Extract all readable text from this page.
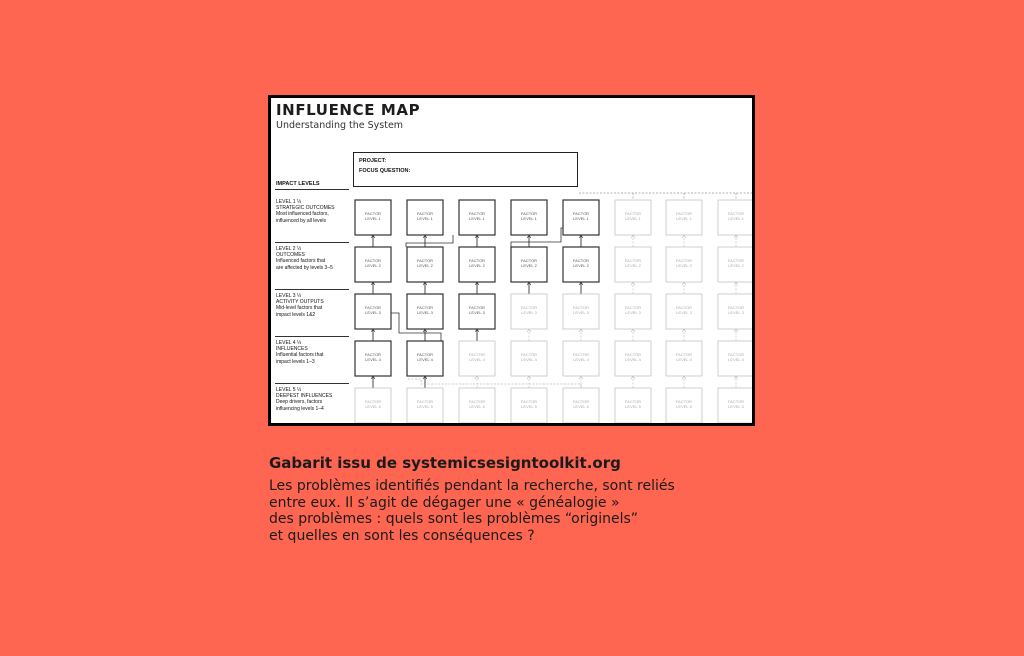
INFLUENCE MAP
Understanding the System
PROJECT:
FOCUS QUESTION:
IMPACT LEVELS
LEVEL 1 ⅓
STRATEGIC OUTCOMES
Most influenced factors,
influenced by all levels
LEVEL 2 ⅓
OUTCOMES
Influenced factors that
are affected by levels 3–5
LEVEL 3 ⅓
ACTIVITY OUTPUTS
Mid-level factors that
impact levels 1&2
LEVEL 4 ⅓
INFLUENCES
Influential factors that
impact levels 1–3
LEVEL 5 ⅓
DEEPEST INFLUENCES
Deep drivers, factors
influencing levels 1–4
FACTOR
LEVEL 1
FACTOR
LEVEL 1
FACTOR
LEVEL 1
FACTOR
LEVEL 1
FACTOR
LEVEL 1
FACTOR
LEVEL 1
FACTOR
LEVEL 1
FACTOR
LEVEL 1
FACTOR
LEVEL 2
FACTOR
LEVEL 2
FACTOR
LEVEL 2
FACTOR
LEVEL 2
FACTOR
LEVEL 2
FACTOR
LEVEL 2
FACTOR
LEVEL 2
FACTOR
LEVEL 2
FACTOR
LEVEL 3
FACTOR
LEVEL 3
FACTOR
LEVEL 3
FACTOR
LEVEL 3
FACTOR
LEVEL 3
FACTOR
LEVEL 3
FACTOR
LEVEL 3
FACTOR
LEVEL 3
FACTOR
LEVEL 4
FACTOR
LEVEL 4
FACTOR
LEVEL 4
FACTOR
LEVEL 4
FACTOR
LEVEL 4
FACTOR
LEVEL 4
FACTOR
LEVEL 4
FACTOR
LEVEL 4
FACTOR
LEVEL 5
FACTOR
LEVEL 5
FACTOR
LEVEL 5
FACTOR
LEVEL 5
FACTOR
LEVEL 5
FACTOR
LEVEL 5
FACTOR
LEVEL 5
FACTOR
LEVEL 5
Gabarit issu de systemicsesigntoolkit.org
Les problèmes identifiés pendant la recherche, sont reliés
entre eux. Il s’agit de dégager une « généalogie »
des problèmes : quels sont les problèmes “originels”
et quelles en sont les conséquences ?
